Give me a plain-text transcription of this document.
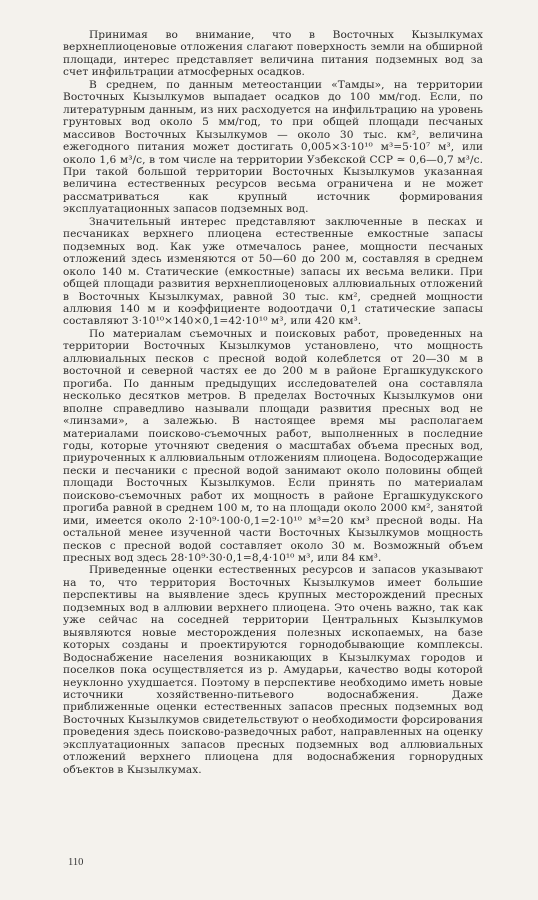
Принимая во внимание, что в Восточных Кызылкумах верхнеплиоценовые отложения слагают поверхность земли на обширной площади, интерес представляет величина питания подземных вод за счет инфильтрации атмосферных осадков.

В среднем, по данным метеостанции «Тамды», на территории Восточных Кызылкумов выпадает осадков до 100 мм/год. Если, по литературным данным, из них расходуется на инфильтрацию на уровень грунтовых вод около 5 мм/год, то при общей площади песчаных массивов Восточных Кызылкумов — около 30 тыс. км², величина ежегодного питания может достигать 0,005×3·10¹⁰ м³=5·10⁷ м³, или около 1,6 м³/с, в том числе на территории Узбекской ССР ≃ 0,6—0,7 м³/с. При такой большой территории Восточных Кызылкумов указанная величина естественных ресурсов весьма ограничена и не может рассматриваться как крупный источник формирования эксплуатационных запасов подземных вод.

Значительный интерес представляют заключенные в песках и песчаниках верхнего плиоцена естественные емкостные запасы подземных вод. Как уже отмечалось ранее, мощности песчаных отложений здесь изменяются от 50—60 до 200 м, составляя в среднем около 140 м. Статические (емкостные) запасы их весьма велики. При общей площади развития верхнеплиоценовых аллювиальных отложений в Восточных Кызылкумах, равной 30 тыс. км², средней мощности аллювия 140 м и коэффициенте водоотдачи 0,1 статические запасы составляют 3·10¹⁰×140×0,1=42·10¹⁰ м³, или 420 км³.

По материалам съемочных и поисковых работ, проведенных на территории Восточных Кызылкумов установлено, что мощность аллювиальных песков с пресной водой колеблется от 20—30 м в восточной и северной частях ее до 200 м в районе Ергашкудукского прогиба. По данным предыдущих исследователей она составляла несколько десятков метров. В пределах Восточных Кызылкумов они вполне справедливо называли площади развития пресных вод не «линзами», а залежью. В настоящее время мы располагаем материалами поисково-съемочных работ, выполненных в последние годы, которые уточняют сведения о масштабах объема пресных вод, приуроченных к аллювиальным отложениям плиоцена. Водосодержащие пески и песчаники с пресной водой занимают около половины общей площади Восточных Кызылкумов. Если принять по материалам поисково-съемочных работ их мощность в районе Ергашкудукского прогиба равной в среднем 100 м, то на площади около 2000 км², занятой ими, имеется около 2·10⁹·100·0,1=2·10¹⁰ м³=20 км³ пресной воды. На остальной менее изученной части Восточных Кызылкумов мощность песков с пресной водой составляет около 30 м. Возможный объем пресных вод здесь 28·10⁹·30·0,1=8,4·10¹⁰ м³, или 84 км³.

Приведенные оценки естественных ресурсов и запасов указывают на то, что территория Восточных Кызылкумов имеет большие перспективы на выявление здесь крупных месторождений пресных подземных вод в аллювии верхнего плиоцена. Это очень важно, так как уже сейчас на соседней территории Центральных Кызылкумов выявляются новые месторождения полезных ископаемых, на базе которых созданы и проектируются горнодобывающие комплексы. Водоснабжение населения возникающих в Кызылкумах городов и поселков пока осуществляется из р. Амударьи, качество воды которой неуклонно ухудшается. Поэтому в перспективе необходимо иметь новые источники хозяйственно-питьевого водоснабжения. Даже приближенные оценки естественных запасов пресных подземных вод Восточных Кызылкумов свидетельствуют о необходимости форсирования проведения здесь поисково-разведочных работ, направленных на оценку эксплуатационных запасов пресных подземных вод аллювиальных отложений верхнего плиоцена для водоснабжения горнорудных объектов в Кызылкумах.

110
